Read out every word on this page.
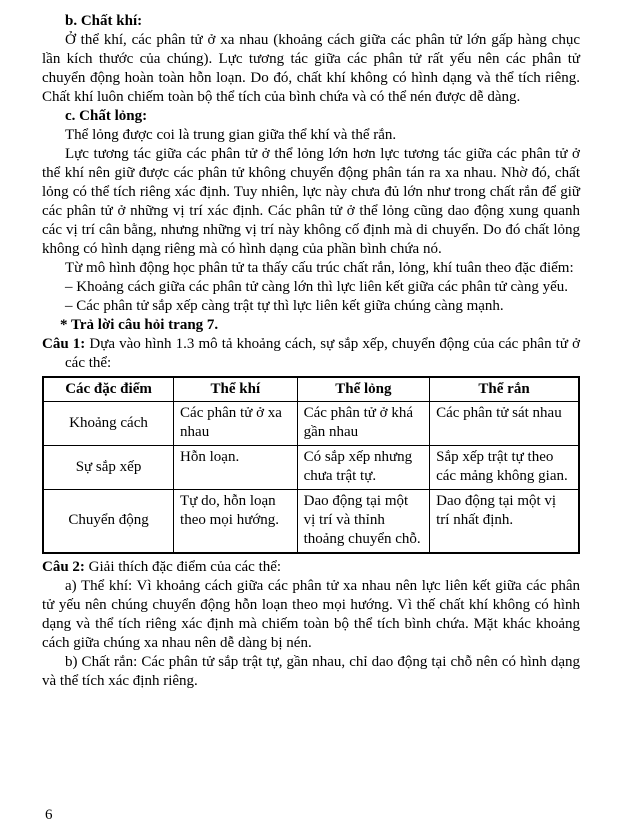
b. Chất khí:

Ở thể khí, các phân tử ở xa nhau (khoảng cách giữa các phân tử lớn gấp hàng chục lần kích thước của chúng). Lực tương tác giữa các phân tử rất yếu nên các phân tử chuyển động hoàn toàn hỗn loạn. Do đó, chất khí không có hình dạng và thể tích riêng. Chất khí luôn chiếm toàn bộ thể tích của bình chứa và có thể nén được dễ dàng.

c. Chất lỏng:

Thể lỏng được coi là trung gian giữa thể khí và thể rắn.

Lực tương tác giữa các phân tử ở thể lỏng lớn hơn lực tương tác giữa các phân tử ở thể khí nên giữ được các phân tử không chuyển động phân tán ra xa nhau. Nhờ đó, chất lỏng có thể tích riêng xác định. Tuy nhiên, lực này chưa đủ lớn như trong chất rắn để giữ các phân tử ở những vị trí xác định. Các phân tử ở thể lỏng cũng dao động xung quanh các vị trí cân bằng, nhưng những vị trí này không cố định mà di chuyển. Do đó chất lỏng không có hình dạng riêng mà có hình dạng của phần bình chứa nó.

Từ mô hình động học phân tử ta thấy cấu trúc chất rắn, lỏng, khí tuân theo đặc điểm:

– Khoảng cách giữa các phân tử càng lớn thì lực liên kết giữa các phân tử càng yếu.

– Các phân tử sắp xếp càng trật tự thì lực liên kết giữa chúng càng mạnh.

* Trả lời câu hỏi trang 7.

Câu 1: Dựa vào hình 1.3 mô tả khoảng cách, sự sắp xếp, chuyển động của các phân tử ở các thể:

Các đặc điểm	Thể khí	Thể lỏng	Thể rắn
Khoảng cách	Các phân tử ở xa nhau	Các phân tử ở khá gần nhau	Các phân tử sát nhau
Sự sắp xếp	Hỗn loạn.	Có sắp xếp nhưng chưa trật tự.	Sắp xếp trật tự theo các mảng không gian.
Chuyển động	Tự do, hỗn loạn theo mọi hướng.	Dao động tại một vị trí và thỉnh thoảng chuyển chỗ.	Dao động tại một vị trí nhất định.

Câu 2: Giải thích đặc điểm của các thể:

a) Thể khí: Vì khoảng cách giữa các phân tử xa nhau nên lực liên kết giữa các phân tử yếu nên chúng chuyển động hỗn loạn theo mọi hướng. Vì thế chất khí không có hình dạng và thể tích riêng xác định mà chiếm toàn bộ thể tích bình chứa. Mặt khác khoảng cách giữa chúng xa nhau nên dễ dàng bị nén.

b) Chất rắn: Các phân tử sắp trật tự, gần nhau, chỉ dao động tại chỗ nên có hình dạng và thể tích xác định riêng.

6
